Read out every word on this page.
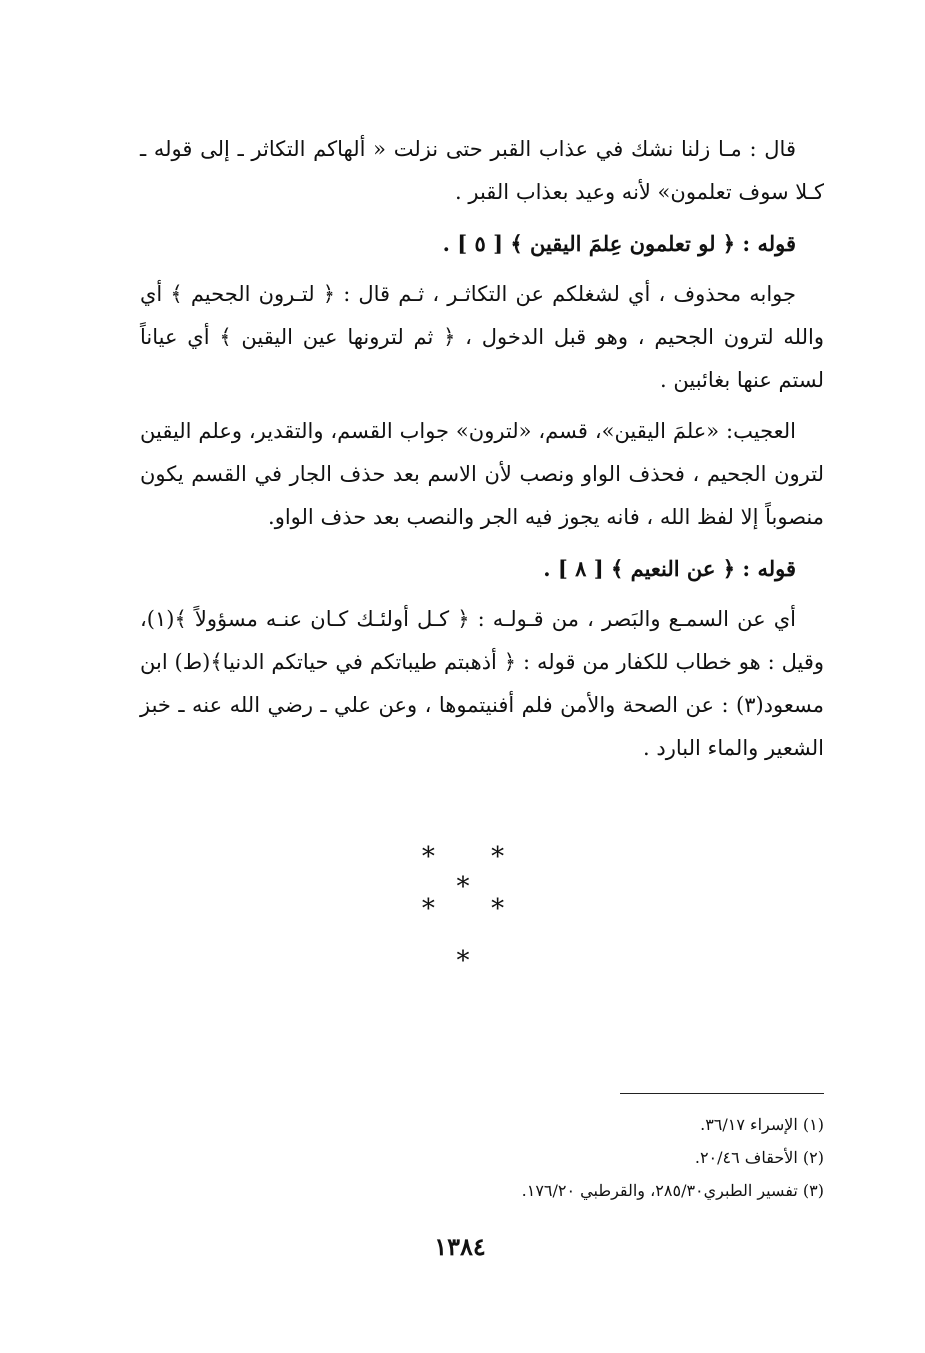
قال : مـا زلنا نشك في عذاب القبر حتى نزلت « ألهاكم التكاثر ـ إلى قوله ـ كـلا سوف تعلمون» لأنه وعيد بعذاب القبر .

قوله : ﴿ لو تعلمون عِلمَ اليقين ﴾ [ ٥ ] .

جوابه محذوف ، أي لشغلكم عن التكاثـر ، ثـم قال : ﴿ لتـرون الجحيم ﴾ أي والله لترون الجحيم ، وهو قبل الدخول ، ﴿ ثم لترونها عين اليقين ﴾ أي عياناً لستم عنها بغائبين .

العجيب: «علمَ اليقين»، قسم، «لترون» جواب القسم، والتقدير، وعلم اليقين لترون الجحيم ، فحذف الواو ونصب لأن الاسم بعد حذف الجار في القسم يكون منصوباً إلا لفظ الله ، فانه يجوز فيه الجر والنصب بعد حذف الواو.

قوله : ﴿ عن النعيم ﴾ [ ٨ ] .

أي عن السمـع والبَصر ، من قـولـه : ﴿ كـل أولئـك كـان عنـه مسؤولاً ﴾(١)، وقيل : هو خطاب للكفار من قوله : ﴿ أذهبتم طيباتكم في حياتكم الدنيا﴾(ط) ابن مسعود(٣) : عن الصحة والأمن فلم أفنيتموها ، وعن علي ـ رضي الله عنه ـ خبز الشعير والماء البارد .

* * *
* *
*
(١) الإسراء ٣٦/١٧.
(٢) الأحقاف ٢٠/٤٦.
(٣) تفسير الطبري٢٨٥/٣٠، والقرطبي ١٧٦/٢٠.
١٣٨٤
